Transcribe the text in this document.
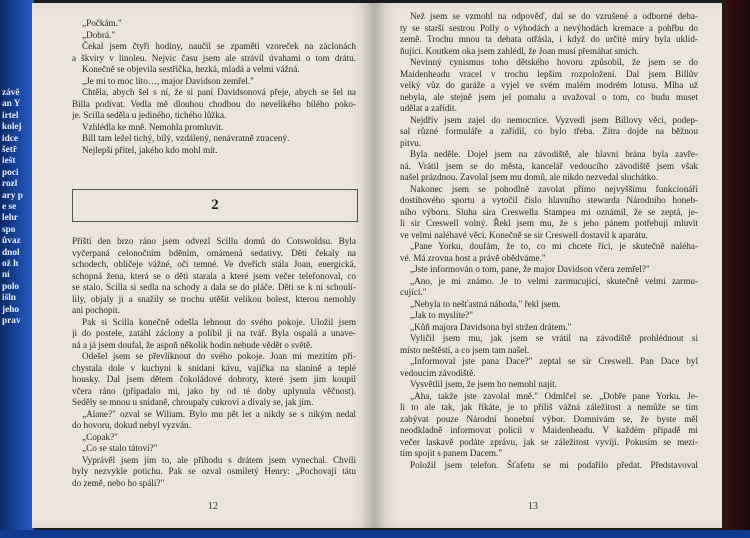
závě
an Y
irtel
kolej
idce
šetř
iešt
poci
rozl
ary p
e se
lehr
spo
ůvaz
dnol
ož h
ní
polo
išln
jeho
prav
„Počkám."
„Dobrá."
Čekal jsem čtyři hodiny, naučil se zpaměti vzoreček na záclonách
a škvíry v linoleu. Nejvíc času jsem ale strávil úvahami o tom drátu.
Konečně se objevila sestřička, hezká, mladá a velmi vážná.
„Je mi to moc líto…, major Davidson zemřel."
Chtěla, abych šel s ní, že si paní Davidsonová přeje, abych se šel na
Billa podívat. Vedla mě dlouhou chodbou do nevelikého bílého poko-
je. Scilla seděla u jediného, tichého lůžka.
Vzhlédla ke mně. Nemohla promluvit.
Bill tam ležel tichý, bílý, vzdálený, nenávratně ztracený.
Nejlepší přítel, jakého kdo mohl mít.
2
Příští den brzo ráno jsem odvezl Scillu domů do Cotswoldsu. Byla
vyčerpaná celonočním bděním, omámená sedativy. Děti čekaly na
schodech, obličeje vážné, oči temné. Ve dveřích stála Joan, energická,
schopná žena, která se o děti starala a které jsem večer telefonoval, co
se stalo. Scilla si sedla na schody a dala se do pláče. Děti se k ní schoulí-
lily, objaly ji a snažily se trochu utěšit velikou bolest, kterou nemohly
ani pochopit.
Pak si Scilla konečně odešla lehnout do svého pokoje. Uložil jsem
ji do postele, zatáhl záclony a políbil ji na tvář. Byla ospalá a unave-
ná a já jsem doufal, že aspoň několik hodin nebude vědět o světě.
Odešel jsem se převlíknout do svého pokoje. Joan mi mezitím při-
chystala dole v kuchyni k snídani kávu, vajíčka na slanině a teplé
housky. Dal jsem dětem čokoládové dobroty, které jsem jim koupil
včera ráno (připadalo mi, jako by od té doby uplynula věčnost).
Seděly se mnou u snídaně, chroupaly cukroví a dívaly se, jak jím.
„Alane?" ozval se Wiliam. Bylo mu pět let a nikdy se s nikým nedal
do hovoru, dokud nebyl vyzván.
„Copak?"
„Co se stalo tátovi?"
Vyprávěl jsem jim to, ale příhodu s drátem jsem vynechal. Chvíli
byly nezvykle potichu. Pak se ozval osmiletý Henry: „Pochovají tátu
do země, nebo ho spálí?"
12
Než jsem se vzmohl na odpověď, dal se do vzrušené a odborné deba-
ty se starší sestrou Polly o výhodách a nevýhodách kremace a pohřbu do
země. Trochu mnou ta debata otřásla, i když do určité míry byla uklid-
ňující. Koutkem oka jsem zahlédl, že Joan musí přemáhat smích.
Nevinný cynismus toho dětského hovoru způsobil, že jsem se do
Maidenheadu vracel v trochu lepším rozpoložení. Dal jsem Billův
velký vůz do garáže a vyjel ve svém malém modrém lotusu. Mlha už
nebyla, ale stejně jsem jel pomalu a uvažoval o tom, co budu muset
udělat a zařídit.
Nejdřív jsem zajel do nemocnice. Vyzvedl jsem Billovy věci, podep-
sal různé formuláře a zařídil, co bylo třeba. Zítra dojde na běžnou
pitvu.
Byla neděle. Dojel jsem na závodiště, ale hlavní brána byla zavře-
ná. Vrátil jsem se do města, kancelář vedoucího závodiště jsem však
našel prázdnou. Zavolal jsem mu domů, ale nikdo nezvedal sluchátko.
Nakonec jsem se pohodlně zavolat přímo nejvyššímu funkcionáři
dostihového sportu a vytočil číslo hlavního stewarda Národního honeb-
ního výboru. Sluha sira Creswella Stampea mi oznámil, že se zeptá, je-
li sir Creswell volný. Řekl jsem mu, že s jeho pánem potřebuji mluvit
ve velmi naléhavé věci. Konečně se sir Creswell dostavil k aparátu.
„Pane Yorku, doufám, že to, co mi chcete říci, je skutečně naléha-
vé. Má zrovna host a právě obědváme."
„Jste informován o tom, pane, že major Davidson včera zemřel?"
„Ano, je mi známo. Je to velmi zarmucující, skutečně velmi zarmu-
cující."
„Nebyla to nešťastná náhoda," řekl jsem.
„Jak to myslíte?"
„Kůň majora Davidsona byl stržen drátem."
Vyličil jsem mu, jak jsem se vrátil na závodiště prohlédnout si
místo neštěstí, a co jsem tam našel.
„Informoval jste pana Dace?" zeptal se sir Creswell. Pan Dace byl
vedoucím závodiště.
Vysvětlil jsem, že jsem ho nemohl najít.
„Aha, takže jste zavolal mně." Odmlčel se. „Dobře pane Yorku. Je-
li to ale tak, jak říkáte, je to příliš vážná záležitost a nemůže se tím
zabývat pouze Národní honební výbor. Domnívám se, že byste měl
neodkladně informovat policii v Maidenheadu. V každém případě mi
večer laskavě podáte zprávu, jak se záležitost vyvíjí. Pokusím se mezi-
tím spojit s panem Dacem."
Položil jsem telefon. Šťafetu se mi podařilo předat. Představoval
13
